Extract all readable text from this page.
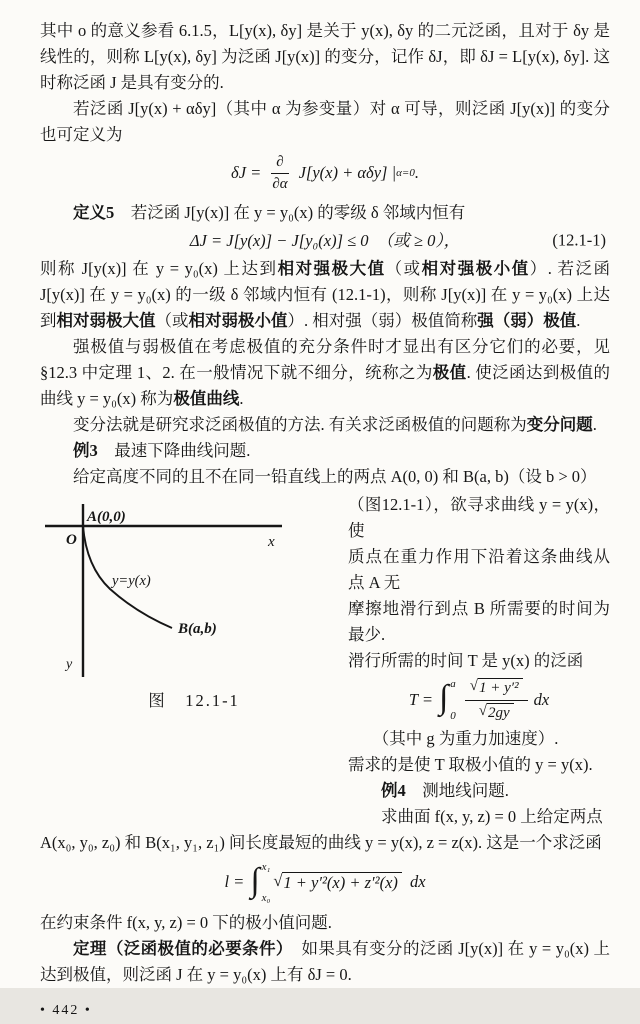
其中 o 的意义参看 6.1.5，L[y(x), δy] 是关于 y(x), δy 的二元泛函，且对于 δy 是线性的，则称 L[y(x), δy] 为泛函 J[y(x)] 的变分，记作 δJ，即 δJ = L[y(x), δy]. 这时称泛函 J 是具有变分的.

若泛函 J[y(x) + αδy]（其中 α 为参变量）对 α 可导，则泛函 J[y(x)] 的变分也可定义为

$\delta J = \frac{\partial}{\partial\alpha} J[y(x) + \alpha\delta y]$ | α=0 .

定义5　若泛函 J[y(x)] 在 y = y₀(x) 的零级 δ 邻域内恒有

ΔJ = J[y(x)] − J[y₀(x)] ≤ 0　（或 ≥ 0），	(12.1-1)

则称 J[y(x)] 在 y = y₀(x) 上达到相对强极大值（或相对强极小值）. 若泛函 J[y(x)] 在 y = y₀(x) 的一级 δ 邻域内恒有 (12.1-1)，则称 J[y(x)] 在 y = y₀(x) 上达到相对弱极大值（或相对弱极小值）. 相对强（弱）极值简称强（弱）极值.

强极值与弱极值在考虑极值的充分条件时才显出有区分它们的必要，见 §12.3 中定理 1、2. 在一般情况下就不细分，统称之为极值. 使泛函达到极值的曲线 y = y₀(x) 称为极值曲线.

变分法就是研究求泛函极值的方法. 有关求泛函极值的问题称为变分问题.

例3　最速下降曲线问题.

给定高度不同的且不在同一铅直线上的两点 A(0, 0) 和 B(a, b)（设 b > 0）

A(0,0)
O	x
y
y=y(x)
B(a,b)
图　12.1-1

（图12.1-1），欲寻求曲线 y = y(x)，使

质点在重力作用下沿着这条曲线从点 A 无

摩擦地滑行到点 B 所需要的时间为最少.

滑行所需的时间 T 是 y(x) 的泛函

T = ∫ a
$0 \frac{\text{√ 1 + y′²}}{√ 2gy}$ dx

（其中 g 为重力加速度）.

需求的是使 T 取极小值的 y = y(x).

例4　测地线问题.

求曲面 f(x, y, z) = 0 上给定两点

A(x₀, y₀, z₀) 和 B(x₁, y₁, z₁) 间长度最短的曲线 y = y(x), z = z(x). 这是一个求泛函

l = ∫ x₁
x₀
√ 1 + y′²(x) + z′²(x) dx

在约束条件 f(x, y, z) = 0 下的极小值问题.

定理（泛函极值的必要条件）　如果具有变分的泛函 J[y(x)] 在 y = y₀(x) 上达到极值，则泛函 J 在 y = y₀(x) 上有 δJ = 0.

• 442 •
